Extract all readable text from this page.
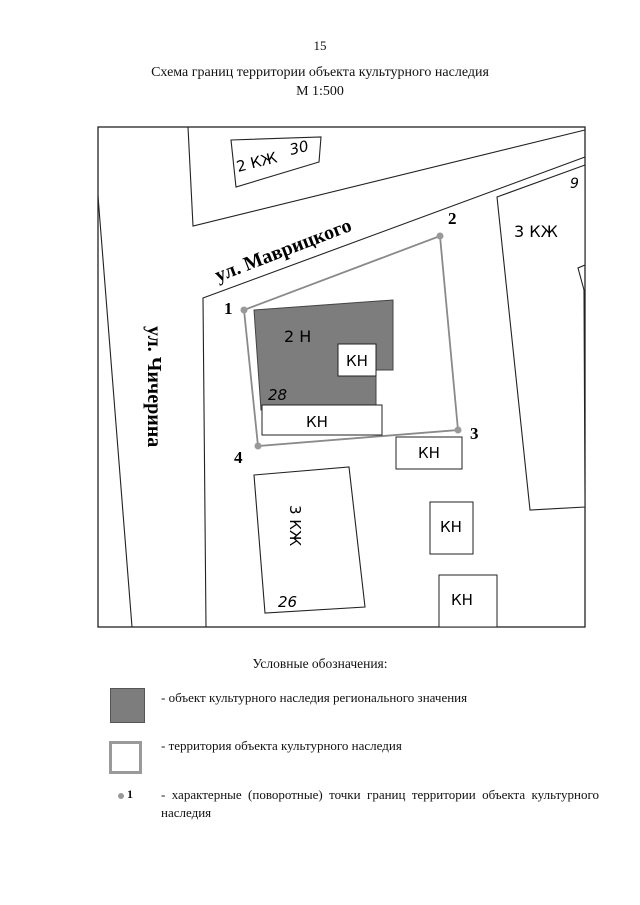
15
Схема границ территории объекта культурного наследия
М 1:500
2 КЖ
30
9
3 КЖ
2 Н
28
КН
КН
КН
3 КЖ
26
КН
КН
ул. Маврицкого
ул. Чичерина
1
2
3
4
Условные обозначения:
- объект культурного наследия регионального значения
- территория объекта культурного наследия
1 - характерные (поворотные) точки границ территории объекта культурного наследия
